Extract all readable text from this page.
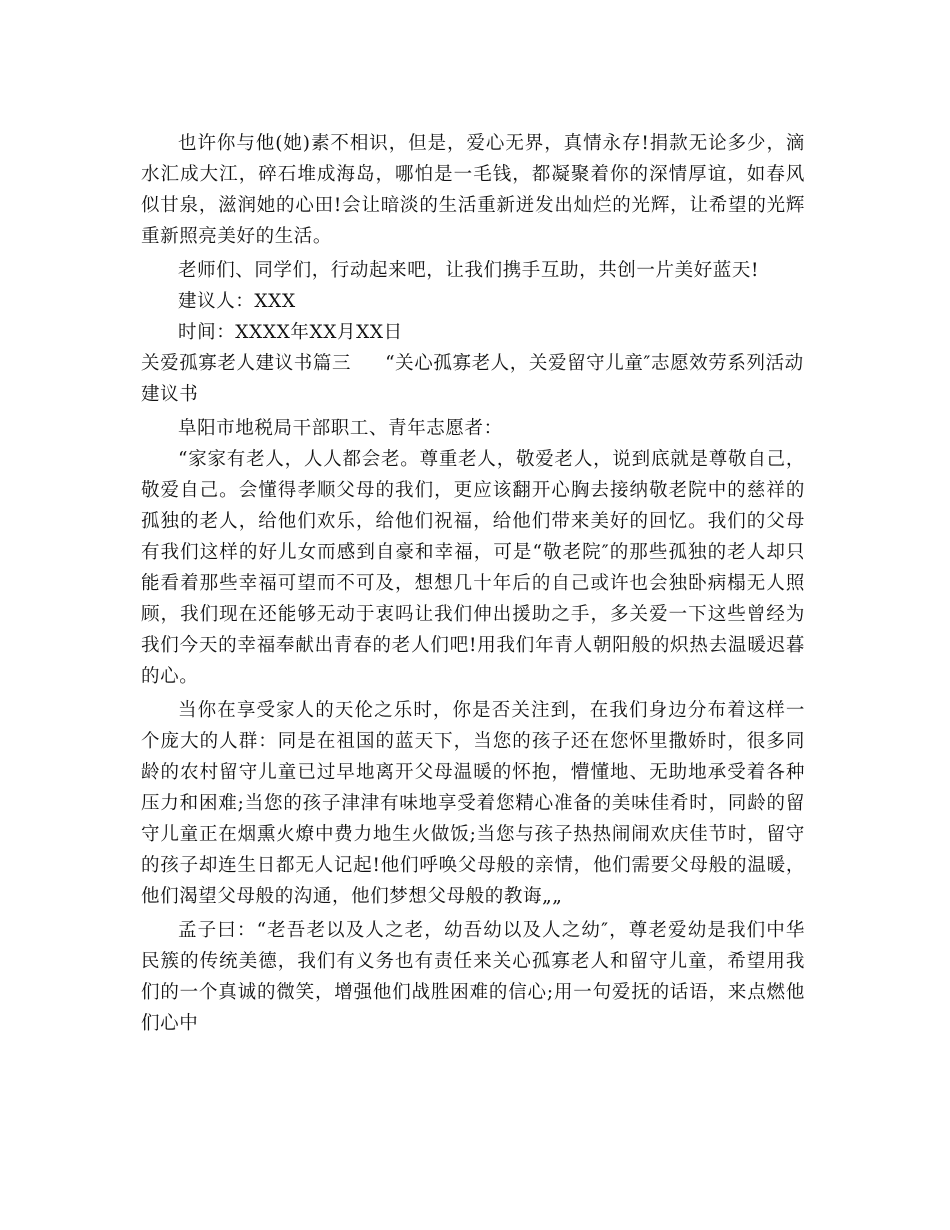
也许你与他(她)素不相识，但是，爱心无界，真情永存!捐款无论多少，滴水汇成大江，碎石堆成海岛，哪怕是一毛钱，都凝聚着你的深情厚谊，如春风似甘泉，滋润她的心田!会让暗淡的生活重新迸发出灿烂的光辉，让希望的光辉重新照亮美好的生活。

老师们、同学们，行动起来吧，让我们携手互助，共创一片美好蓝天!

建议人：XXX

时间：XXXX年XX月XX日

关爱孤寡老人建议书篇三 “关心孤寡老人，关爱留守儿童″志愿效劳系列活动建议书

阜阳市地税局干部职工、青年志愿者：

“家家有老人，人人都会老。尊重老人，敬爱老人，说到底就是尊敬自己，敬爱自己。会懂得孝顺父母的我们，更应该翻开心胸去接纳敬老院中的慈祥的孤独的老人，给他们欢乐，给他们祝福，给他们带来美好的回忆。我们的父母有我们这样的好儿女而感到自豪和幸福，可是“敬老院″的那些孤独的老人却只能看着那些幸福可望而不可及，想想几十年后的自己或许也会独卧病榻无人照顾，我们现在还能够无动于衷吗让我们伸出援助之手，多关爱一下这些曾经为我们今天的幸福奉献出青春的老人们吧!用我们年青人朝阳般的炽热去温暖迟暮的心。

当你在享受家人的天伦之乐时，你是否关注到，在我们身边分布着这样一个庞大的人群：同是在祖国的蓝天下，当您的孩子还在您怀里撒娇时，很多同龄的农村留守儿童已过早地离开父母温暖的怀抱，懵懂地、无助地承受着各种压力和困难;当您的孩子津津有味地享受着您精心准备的美味佳肴时，同龄的留守儿童正在烟熏火燎中费力地生火做饭;当您与孩子热热闹闹欢庆佳节时，留守的孩子却连生日都无人记起!他们呼唤父母般的亲情，他们需要父母般的温暖，他们渴望父母般的沟通，他们梦想父母般的教诲„„

孟子曰：“老吾老以及人之老，幼吾幼以及人之幼″，尊老爱幼是我们中华民簇的传统美德，我们有义务也有责任来关心孤寡老人和留守儿童，希望用我们的一个真诚的微笑，增强他们战胜困难的信心;用一句爱抚的话语，来点燃他们心中
